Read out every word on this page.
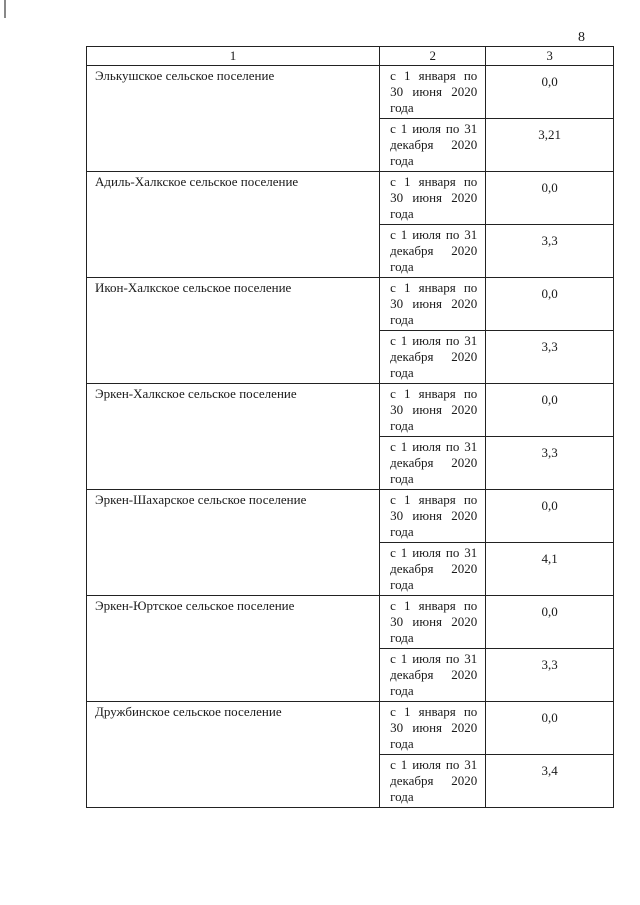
8
1	2	3
Элькушское сельское поселение	с 1 января по 30 июня 2020 года	0,0
	с 1 июля по 31 декабря 2020 года	3,21
Адиль-Халкское сельское поселение	с 1 января по 30 июня 2020 года	0,0
	с 1 июля по 31 декабря 2020 года	3,3
Икон-Халкское сельское поселение	с 1 января по 30 июня 2020 года	0,0
	с 1 июля по 31 декабря 2020 года	3,3
Эркен-Халкское сельское поселение	с 1 января по 30 июня 2020 года	0,0
	с 1 июля по 31 декабря 2020 года	3,3
Эркен-Шахарское сельское поселение	с 1 января по 30 июня 2020 года	0,0
	с 1 июля по 31 декабря 2020 года	4,1
Эркен-Юртское сельское поселение	с 1 января по 30 июня 2020 года	0,0
	с 1 июля по 31 декабря 2020 года	3,3
Дружбинское сельское поселение	с 1 января по 30 июня 2020 года	0,0
	с 1 июля по 31 декабря 2020 года	3,4
